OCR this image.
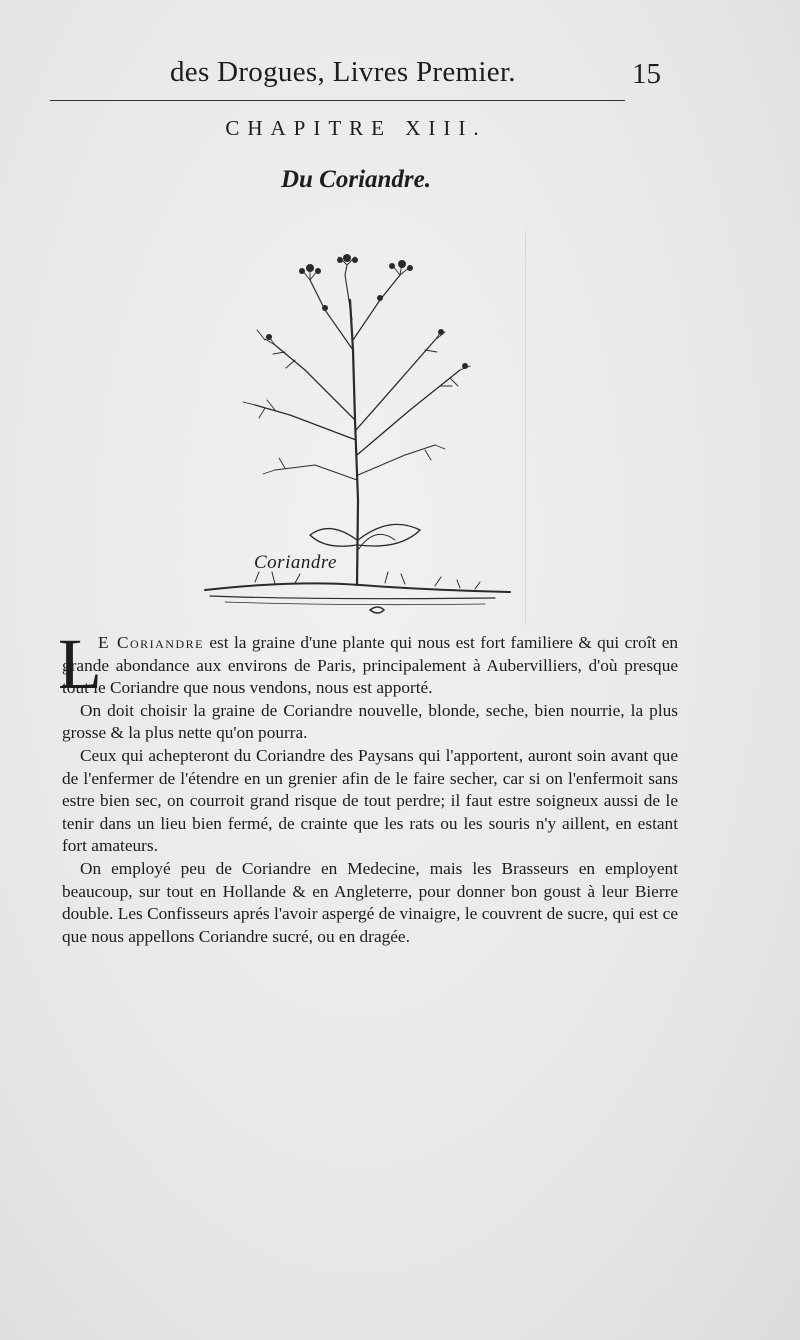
des Drogues, Livres Premier.	15
CHAPITRE XIII.
Du Coriandre.
Coriandre
L

E Coriandre est la graine d'une plante qui nous est fort familiere & qui croît en grande abondance aux environs de Paris, principalement à Aubervilliers, d'où presque tout le Coriandre que nous vendons, nous est apporté.

On doit choisir la graine de Coriandre nouvelle, blonde, seche, bien nourrie, la plus grosse & la plus nette qu'on pourra.

Ceux qui achepteront du Coriandre des Paysans qui l'apportent, auront soin avant que de l'enfermer de l'étendre en un grenier afin de le faire secher, car si on l'enfermoit sans estre bien sec, on courroit grand risque de tout perdre; il faut estre soigneux aussi de le tenir dans un lieu bien fermé, de crainte que les rats ou les souris n'y aillent, en estant fort amateurs.

On employé peu de Coriandre en Medecine, mais les Brasseurs en employent beaucoup, sur tout en Hollande & en Angleterre, pour donner bon goust à leur Bierre double. Les Confisseurs aprés l'avoir aspergé de vinaigre, le couvrent de sucre, qui est ce que nous appellons Coriandre sucré, ou en dragée.
